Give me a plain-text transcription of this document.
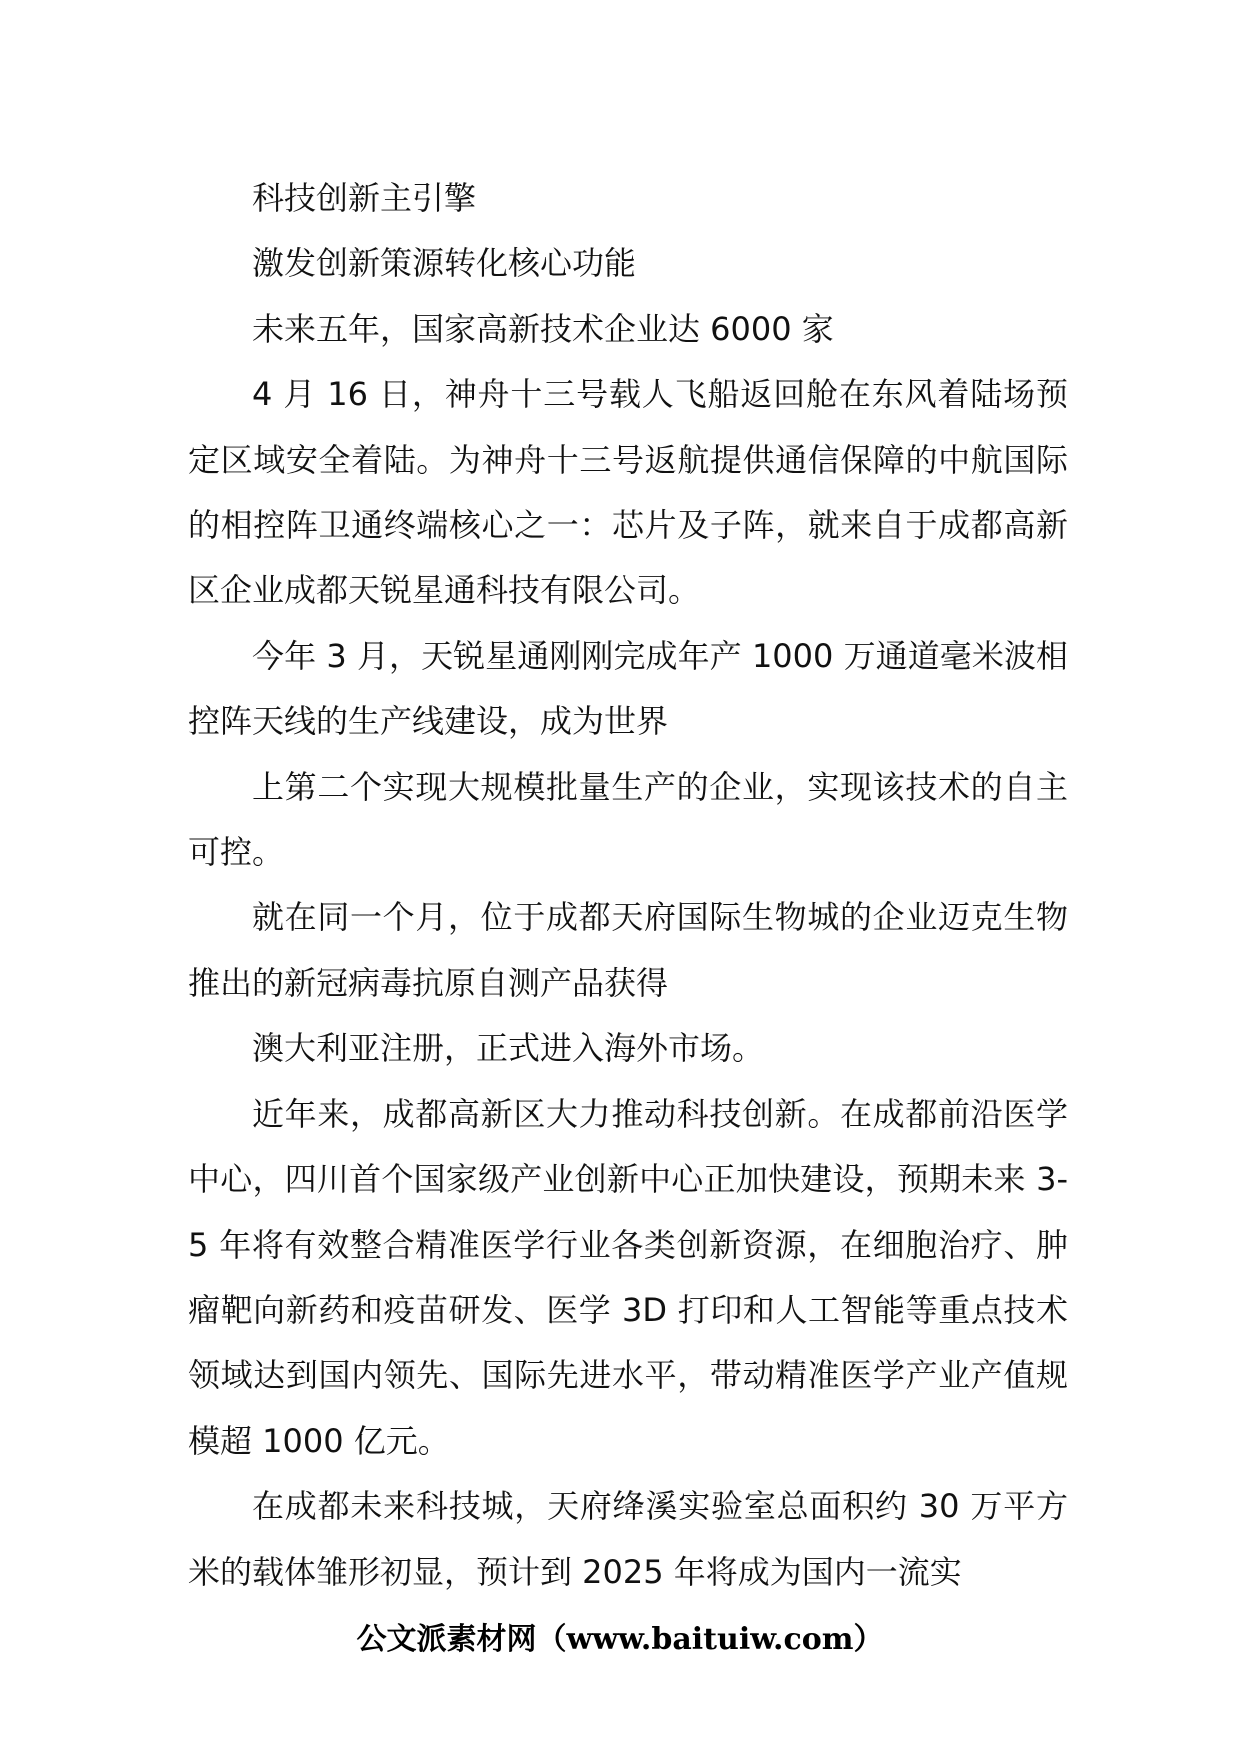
科技创新主引擎

激发创新策源转化核心功能

未来五年，国家高新技术企业达 6000 家

4 月 16 日，神舟十三号载人飞船返回舱在东风着陆场预定区域安全着陆。为神舟十三号返航提供通信保障的中航国际的相控阵卫通终端核心之一：芯片及子阵，就来自于成都高新区企业成都天锐星通科技有限公司。

今年 3 月，天锐星通刚刚完成年产 1000 万通道毫米波相控阵天线的生产线建设，成为世界

上第二个实现大规模批量生产的企业，实现该技术的自主可控。

就在同一个月，位于成都天府国际生物城的企业迈克生物推出的新冠病毒抗原自测产品获得

澳大利亚注册，正式进入海外市场。

近年来，成都高新区大力推动科技创新。在成都前沿医学中心，四川首个国家级产业创新中心正加快建设，预期未来 3-5 年将有效整合精准医学行业各类创新资源，在细胞治疗、肿瘤靶向新药和疫苗研发、医学 3D 打印和人工智能等重点技术领域达到国内领先、国际先进水平，带动精准医学产业产值规模超 1000 亿元。

在成都未来科技城，天府绛溪实验室总面积约 30 万平方米的载体雏形初显，预计到 2025 年将成为国内一流实

公文派素材网（www.baituiw.com）
